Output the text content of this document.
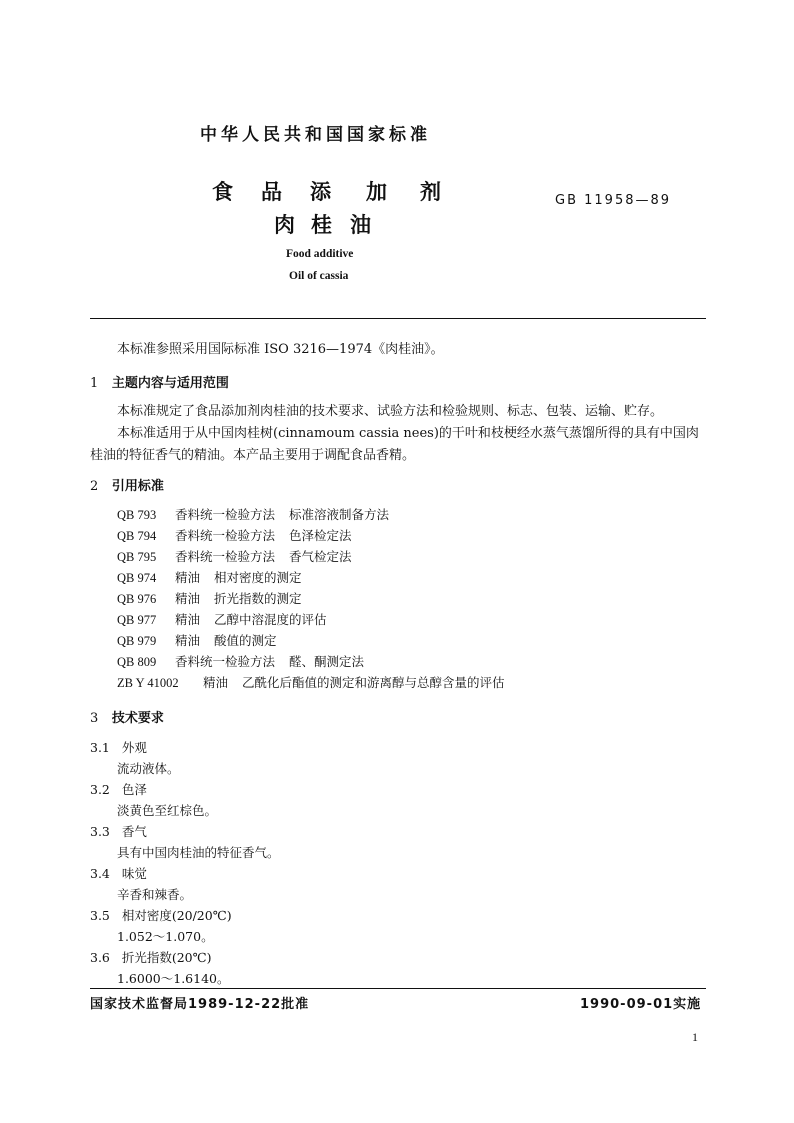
中华人民共和国国家标准
食 品 添 加 剂
肉 桂 油
GB 11958—89
Food additive
Oil of cassia
本标准参照采用国际标准 ISO 3216—1974《肉桂油》。
1 主题内容与适用范围
本标准规定了食品添加剂肉桂油的技术要求、试验方法和检验规则、标志、包装、运输、贮存。
本标准适用于从中国肉桂树(cinnamoum cassia nees)的干叶和枝梗经水蒸气蒸馏所得的具有中国肉
桂油的特征香气的精油。本产品主要用于调配食品香精。
2 引用标准
QB 793 香料统一检验方法 标准溶液制备方法
QB 794 香料统一检验方法 色泽检定法
QB 795 香料统一检验方法 香气检定法
QB 974 精油 相对密度的测定
QB 976 精油 折光指数的测定
QB 977 精油 乙醇中溶混度的评估
QB 979 精油 酸值的测定
QB 809 香料统一检验方法 醛、酮测定法
ZB Y 41002 精油 乙酰化后酯值的测定和游离醇与总醇含量的评估
3 技术要求
3.1 外观
流动液体。
3.2 色泽
淡黄色至红棕色。
3.3 香气
具有中国肉桂油的特征香气。
3.4 味觉
辛香和辣香。
3.5 相对密度(20/20℃)
1.052～1.070。
3.6 折光指数(20℃)
1.6000～1.6140。
国家技术监督局1989-12-22批准	1990-09-01实施
1
